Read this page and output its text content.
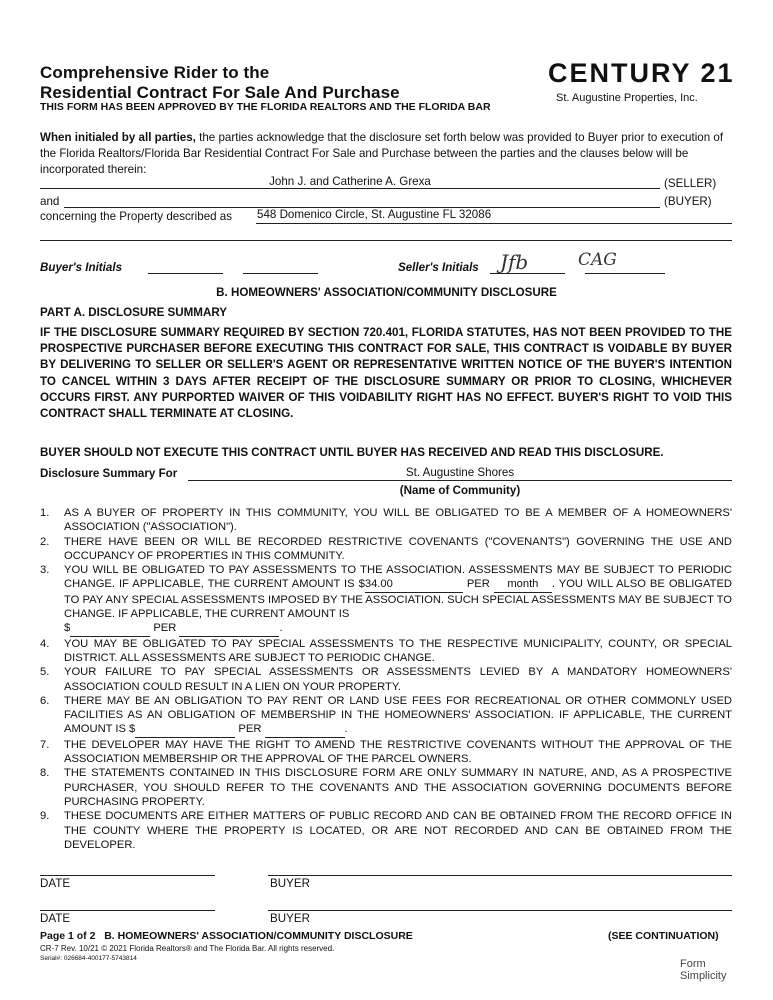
Comprehensive Rider to the
Residential Contract For Sale And Purchase
THIS FORM HAS BEEN APPROVED BY THE FLORIDA REALTORS AND THE FLORIDA BAR
CENTURY 21
St. Augustine Properties, Inc.
When initialed by all parties, the parties acknowledge that the disclosure set forth below was provided to Buyer prior to execution of the Florida Realtors/Florida Bar Residential Contract For Sale and Purchase between the parties and the clauses below will be incorporated therein:
John J. and Catherine A. Grexa	(SELLER)
and	(BUYER)
concerning the Property described as 548 Domenico Circle, St. Augustine FL 32086
Buyer's Initials	Seller's Initials Jfb	CAG
B. HOMEOWNERS' ASSOCIATION/COMMUNITY DISCLOSURE
PART A. DISCLOSURE SUMMARY
IF THE DISCLOSURE SUMMARY REQUIRED BY SECTION 720.401, FLORIDA STATUTES, HAS NOT BEEN PROVIDED TO THE PROSPECTIVE PURCHASER BEFORE EXECUTING THIS CONTRACT FOR SALE, THIS CONTRACT IS VOIDABLE BY BUYER BY DELIVERING TO SELLER OR SELLER'S AGENT OR REPRESENTATIVE WRITTEN NOTICE OF THE BUYER'S INTENTION TO CANCEL WITHIN 3 DAYS AFTER RECEIPT OF THE DISCLOSURE SUMMARY OR PRIOR TO CLOSING, WHICHEVER OCCURS FIRST. ANY PURPORTED WAIVER OF THIS VOIDABILITY RIGHT HAS NO EFFECT. BUYER'S RIGHT TO VOID THIS CONTRACT SHALL TERMINATE AT CLOSING.
BUYER SHOULD NOT EXECUTE THIS CONTRACT UNTIL BUYER HAS RECEIVED AND READ THIS DISCLOSURE.
Disclosure Summary For	St. Augustine Shores
(Name of Community)
1.	AS A BUYER OF PROPERTY IN THIS COMMUNITY, YOU WILL BE OBLIGATED TO BE A MEMBER OF A HOMEOWNERS' ASSOCIATION ("ASSOCIATION").
2.	THERE HAVE BEEN OR WILL BE RECORDED RESTRICTIVE COVENANTS ("COVENANTS") GOVERNING THE USE AND OCCUPANCY OF PROPERTIES IN THIS COMMUNITY.
3.	YOU WILL BE OBLIGATED TO PAY ASSESSMENTS TO THE ASSOCIATION. ASSESSMENTS MAY BE SUBJECT TO PERIODIC CHANGE. IF APPLICABLE, THE CURRENT AMOUNT IS $34.00	PER month . YOU WILL ALSO BE OBLIGATED TO PAY ANY SPECIAL ASSESSMENTS IMPOSED BY THE ASSOCIATION. SUCH SPECIAL ASSESSMENTS MAY BE SUBJECT TO CHANGE. IF APPLICABLE, THE CURRENT AMOUNT IS
$	PER	.
4.	YOU MAY BE OBLIGATED TO PAY SPECIAL ASSESSMENTS TO THE RESPECTIVE MUNICIPALITY, COUNTY, OR SPECIAL DISTRICT. ALL ASSESSMENTS ARE SUBJECT TO PERIODIC CHANGE.
5.	YOUR FAILURE TO PAY SPECIAL ASSESSMENTS OR ASSESSMENTS LEVIED BY A MANDATORY HOMEOWNERS' ASSOCIATION COULD RESULT IN A LIEN ON YOUR PROPERTY.
6.	THERE MAY BE AN OBLIGATION TO PAY RENT OR LAND USE FEES FOR RECREATIONAL OR OTHER COMMONLY USED FACILITIES AS AN OBLIGATION OF MEMBERSHIP IN THE HOMEOWNERS' ASSOCIATION. IF APPLICABLE, THE CURRENT AMOUNT IS $	PER	.
7.	THE DEVELOPER MAY HAVE THE RIGHT TO AMEND THE RESTRICTIVE COVENANTS WITHOUT THE APPROVAL OF THE ASSOCIATION MEMBERSHIP OR THE APPROVAL OF THE PARCEL OWNERS.
8.	THE STATEMENTS CONTAINED IN THIS DISCLOSURE FORM ARE ONLY SUMMARY IN NATURE, AND, AS A PROSPECTIVE PURCHASER, YOU SHOULD REFER TO THE COVENANTS AND THE ASSOCIATION GOVERNING DOCUMENTS BEFORE PURCHASING PROPERTY.
9.	THESE DOCUMENTS ARE EITHER MATTERS OF PUBLIC RECORD AND CAN BE OBTAINED FROM THE RECORD OFFICE IN THE COUNTY WHERE THE PROPERTY IS LOCATED, OR ARE NOT RECORDED AND CAN BE OBTAINED FROM THE DEVELOPER.
DATE	BUYER
DATE	BUYER
Page 1 of 2 B. HOMEOWNERS' ASSOCIATION/COMMUNITY DISCLOSURE	(SEE CONTINUATION)
CR-7 Rev. 10/21 © 2021 Florida Realtors® and The Florida Bar. All rights reserved.
Serial#: 026684-400177-5743814	Form
Simplicity
